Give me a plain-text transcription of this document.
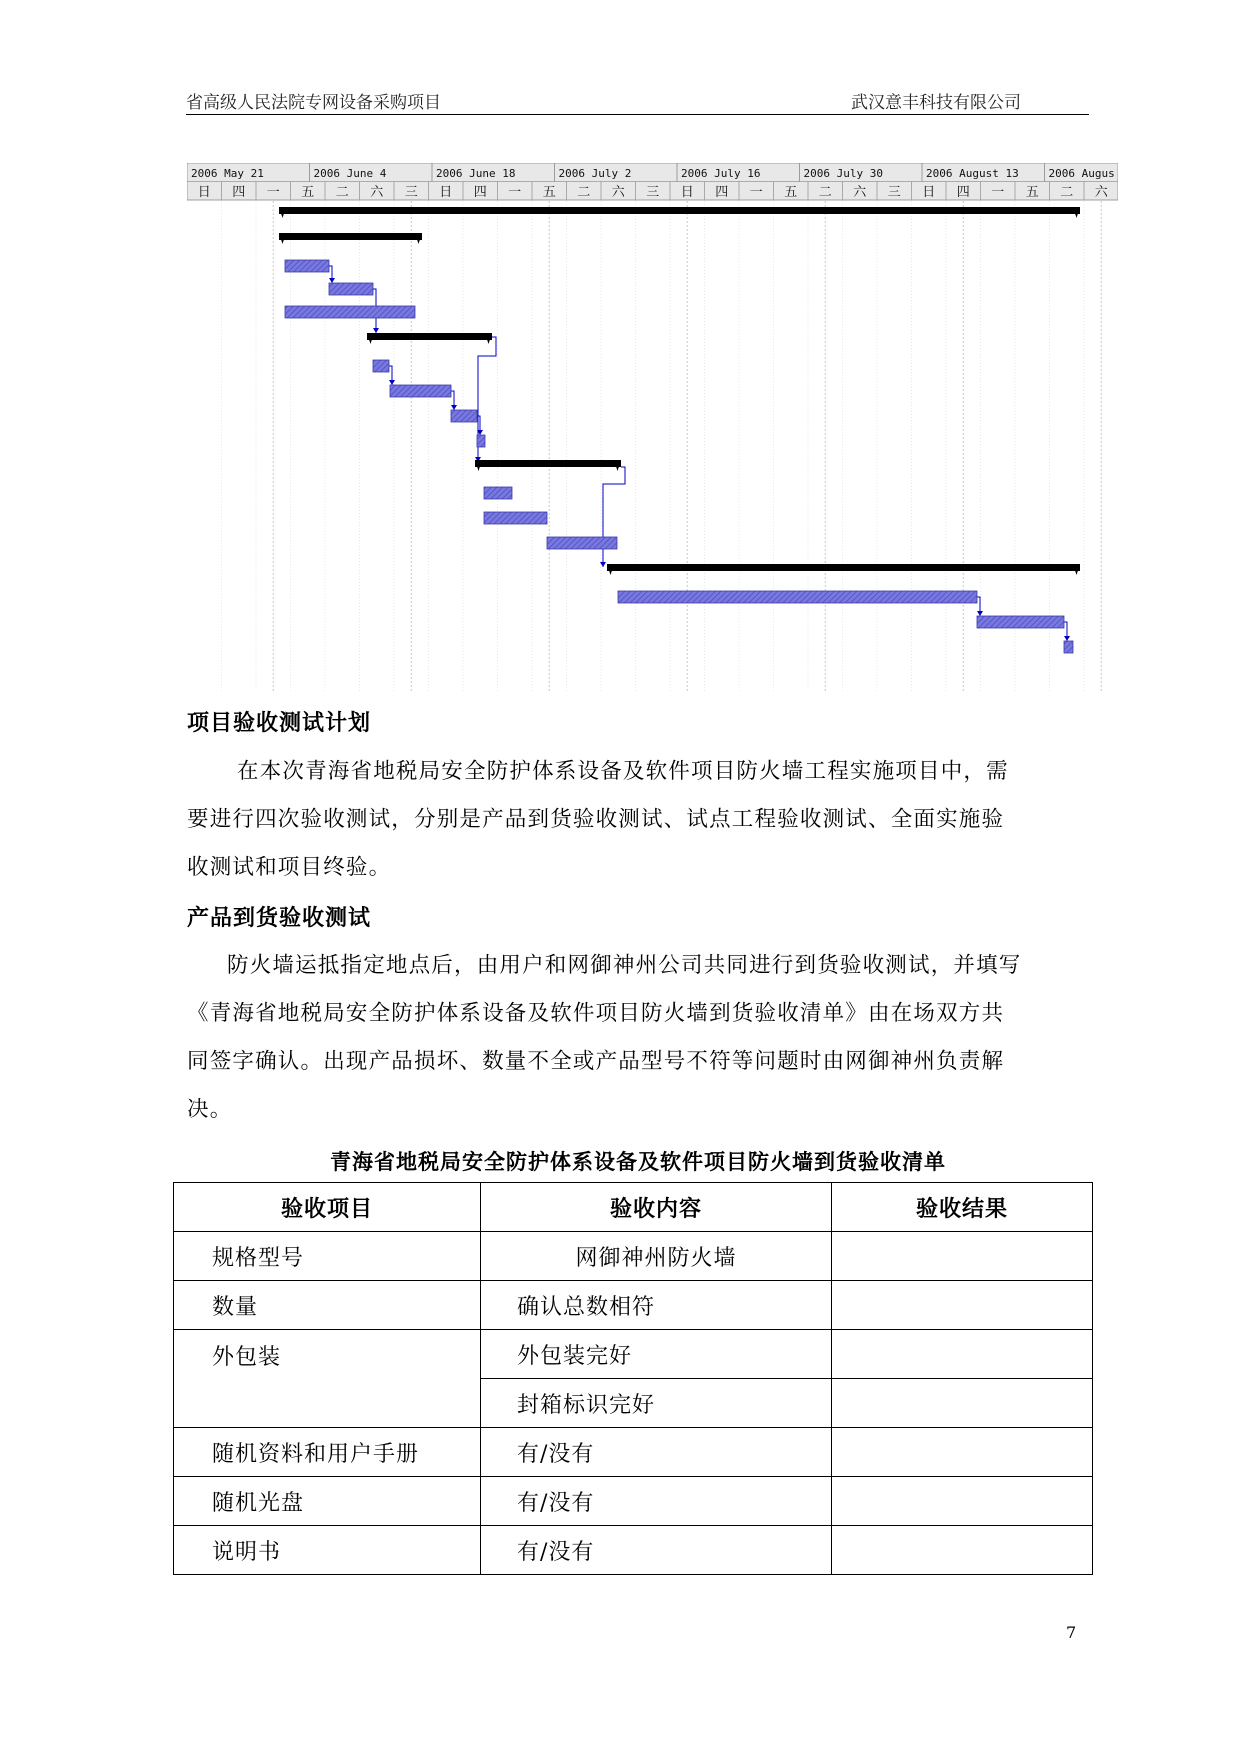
省高级人民法院专网设备采购项目	武汉意丰科技有限公司
2006 May 21	2006 June 4	2006 June 18	2006 July 2	2006 July 16	2006 July 30	2006 August 13	2006 Augus
日 四 一 五 二 六 三 日 四 一 五 二 六 三 日 四 一 五 二 六 三 日 四 一 五 二 六
项目验收测试计划
在本次青海省地税局安全防护体系设备及软件项目防火墙工程实施项目中，需
要进行四次验收测试，分别是产品到货验收测试、试点工程验收测试、全面实施验
收测试和项目终验。
产品到货验收测试
防火墙运抵指定地点后，由用户和网御神州公司共同进行到货验收测试，并填写
《青海省地税局安全防护体系设备及软件项目防火墙到货验收清单》由在场双方共
同签字确认。出现产品损坏、数量不全或产品型号不符等问题时由网御神州负责解
决。
青海省地税局安全防护体系设备及软件项目防火墙到货验收清单
验收项目	验收内容	验收结果
规格型号	网御神州防火墙	
数量	确认总数相符	
外包装	外包装完好	
	封箱标识完好	
随机资料和用户手册	有/没有	
随机光盘	有/没有	
说明书	有/没有	
7
